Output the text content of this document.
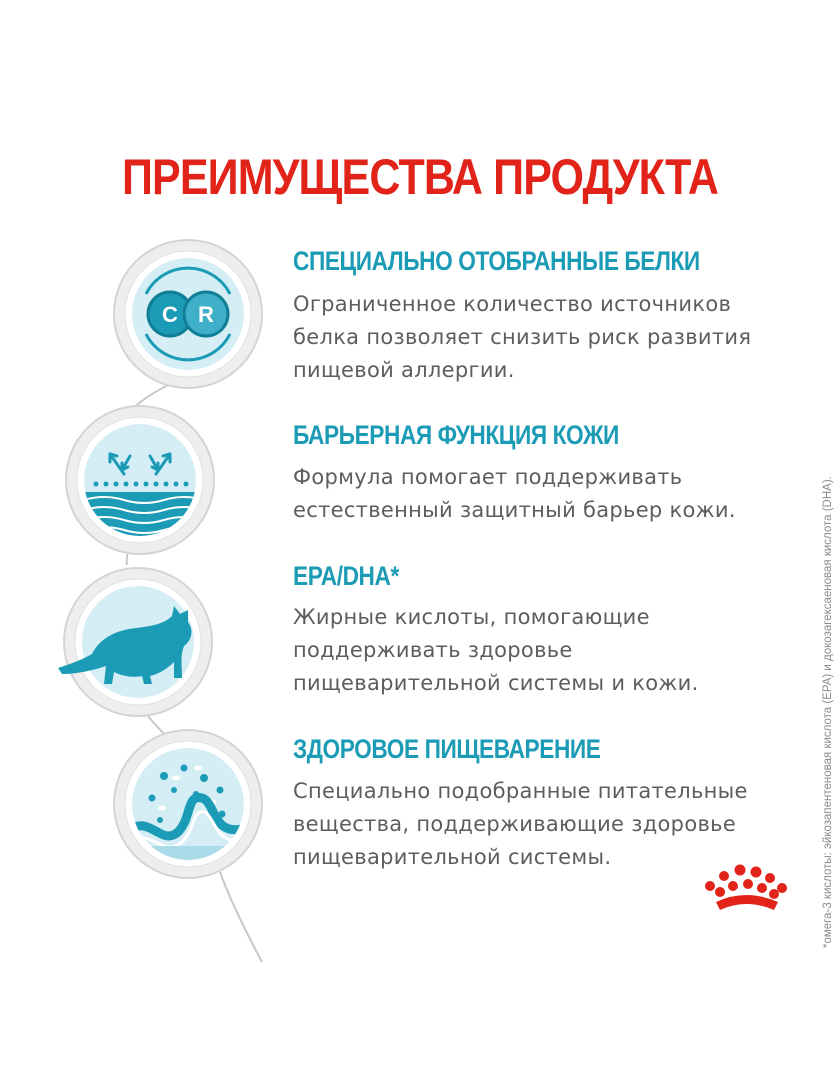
ПРЕИМУЩЕСТВА ПРОДУКТА
C R
СПЕЦИАЛЬНО ОТОБРАННЫЕ БЕЛКИ
Ограниченное количество источников
белка позволяет снизить риск развития
пищевой аллергии.
БАРЬЕРНАЯ ФУНКЦИЯ КОЖИ
Формула помогает поддерживать
естественный защитный барьер кожи.
EPA/DHA*
Жирные кислоты, помогающие
поддерживать здоровье
пищеварительной системы и кожи.
ЗДОРОВОЕ ПИЩЕВАРЕНИЕ
Специально подобранные питательные
вещества, поддерживающие здоровье
пищеварительной системы.	*омега-3 кислоты: эйкозапентеновая кислота (EPA) и докозагексаеновая кислота (DHA).
